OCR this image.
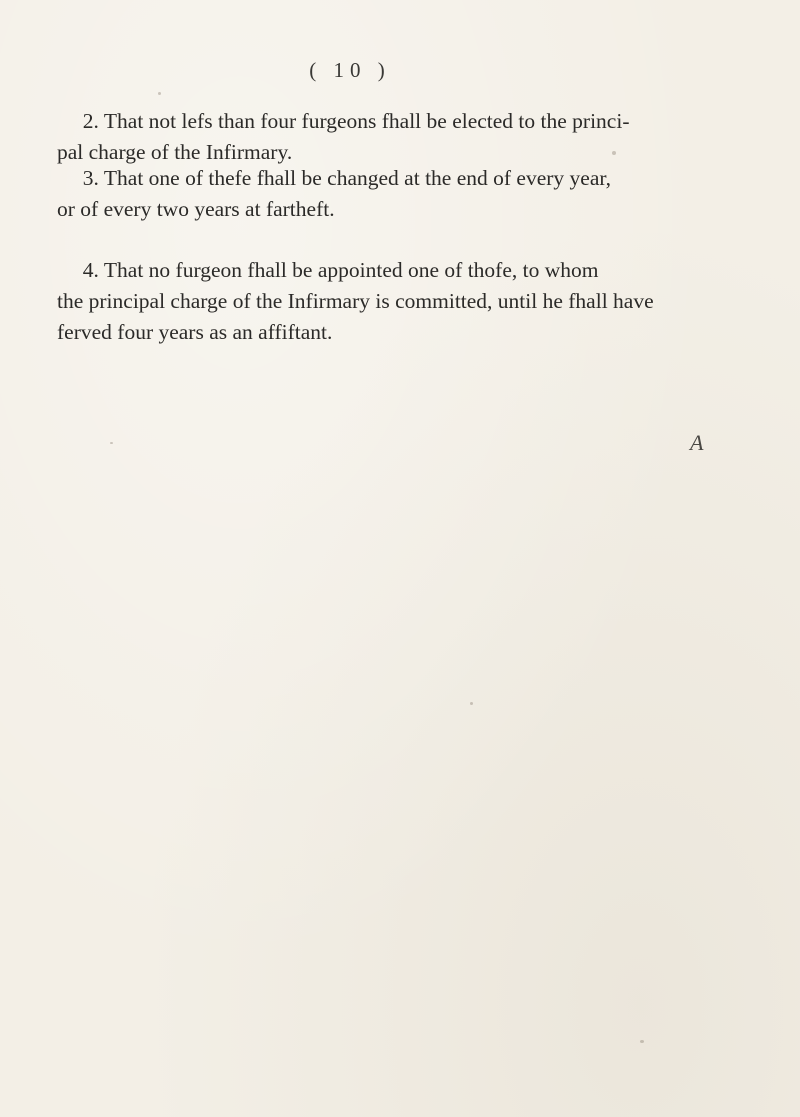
( 10 )
2. That not lefs than four furgeons fhall be elected to the princi-
pal charge of the Infirmary.
3. That one of thefe fhall be changed at the end of every year,
or of every two years at fartheft.
4. That no furgeon fhall be appointed one of thofe, to whom
the principal charge of the Infirmary is committed, until he fhall have
ferved four years as an affiftant.
A
